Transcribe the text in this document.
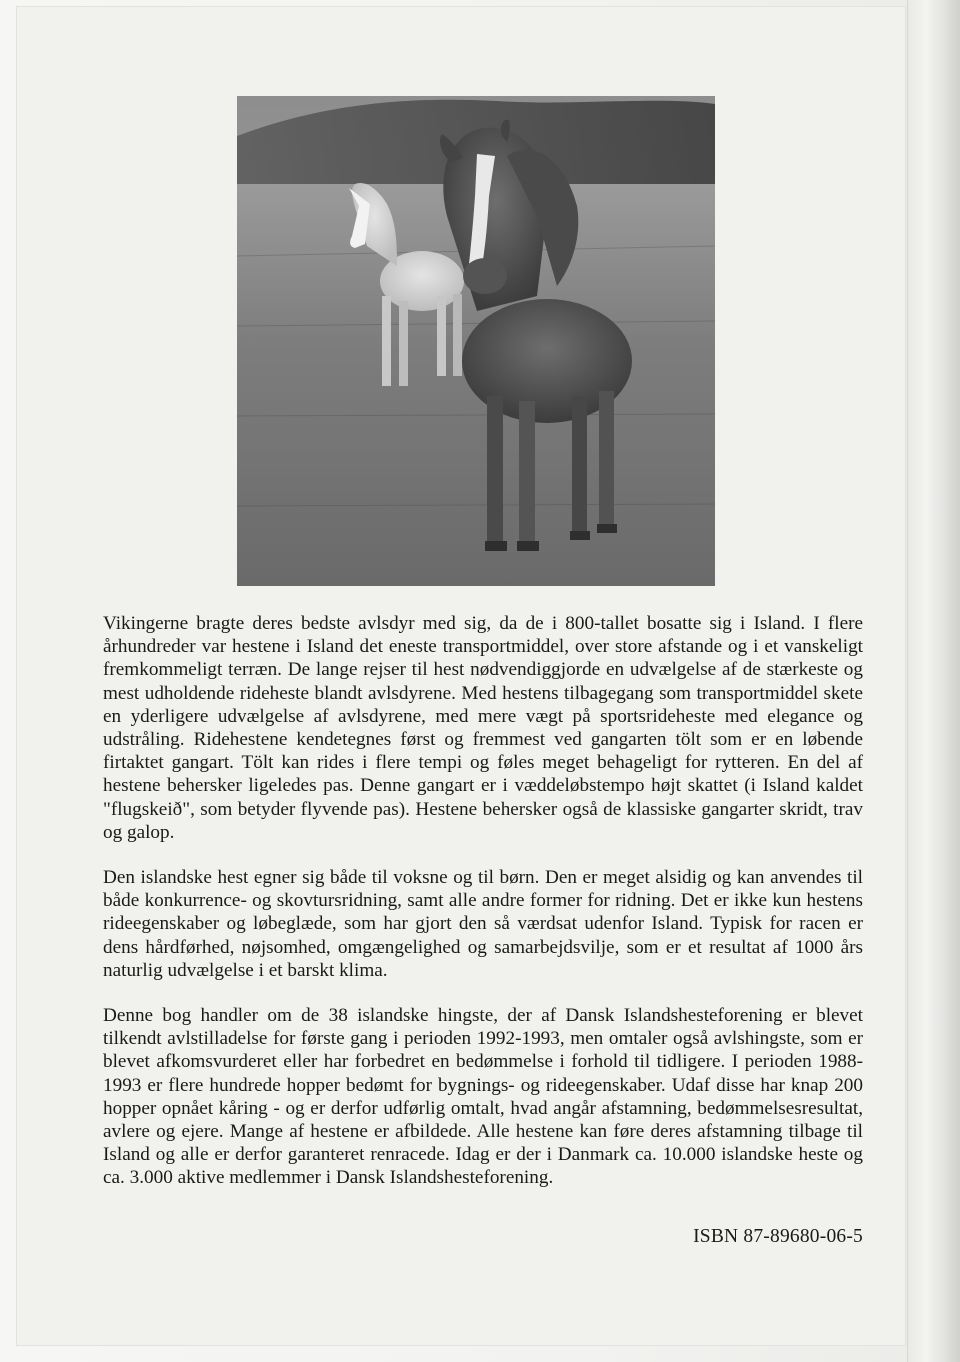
Vikingerne bragte deres bedste avlsdyr med sig, da de i 800-tallet bosatte sig i Island. I flere århundreder var hestene i Island det eneste transportmiddel, over store afstande og i et vanskeligt fremkommeligt terræn. De lange rejser til hest nødvendiggjorde en udvælgelse af de stærkeste og mest udholdende rideheste blandt avlsdyrene. Med hestens tilbagegang som transportmiddel skete en yderligere udvælgelse af avlsdyrene, med mere vægt på sportsrideheste med elegance og udstråling. Ridehestene kendetegnes først og fremmest ved gangarten tölt som er en løbende firtaktet gangart. Tölt kan rides i flere tempi og føles meget behageligt for rytteren. En del af hestene behersker ligeledes pas. Denne gangart er i væddeløbstempo højt skattet (i Island kaldet "flugskeið", som betyder flyvende pas). Hestene behersker også de klassiske gangarter skridt, trav og galop.

Den islandske hest egner sig både til voksne og til børn. Den er meget alsidig og kan anvendes til både konkurrence- og skovtursridning, samt alle andre former for ridning. Det er ikke kun hestens rideegenskaber og løbeglæde, som har gjort den så værdsat udenfor Island. Typisk for racen er dens hårdførhed, nøjsomhed, omgængelighed og samarbejdsvilje, som er et resultat af 1000 års naturlig udvælgelse i et barskt klima.

Denne bog handler om de 38 islandske hingste, der af Dansk Islandshesteforening er blevet tilkendt avlstilladelse for første gang i perioden 1992-1993, men omtaler også avlshingste, som er blevet afkomsvurderet eller har forbedret en bedømmelse i forhold til tidligere. I perioden 1988-1993 er flere hundrede hopper bedømt for bygnings- og rideegenskaber. Udaf disse har knap 200 hopper opnået kåring - og er derfor udførlig omtalt, hvad angår afstamning, bedømmelsesresultat, avlere og ejere. Mange af hestene er afbildede. Alle hestene kan føre deres afstamning tilbage til Island og alle er derfor garanteret renracede. Idag er der i Danmark ca. 10.000 islandske heste og ca. 3.000 aktive medlemmer i Dansk Islandshesteforening.

ISBN 87-89680-06-5
